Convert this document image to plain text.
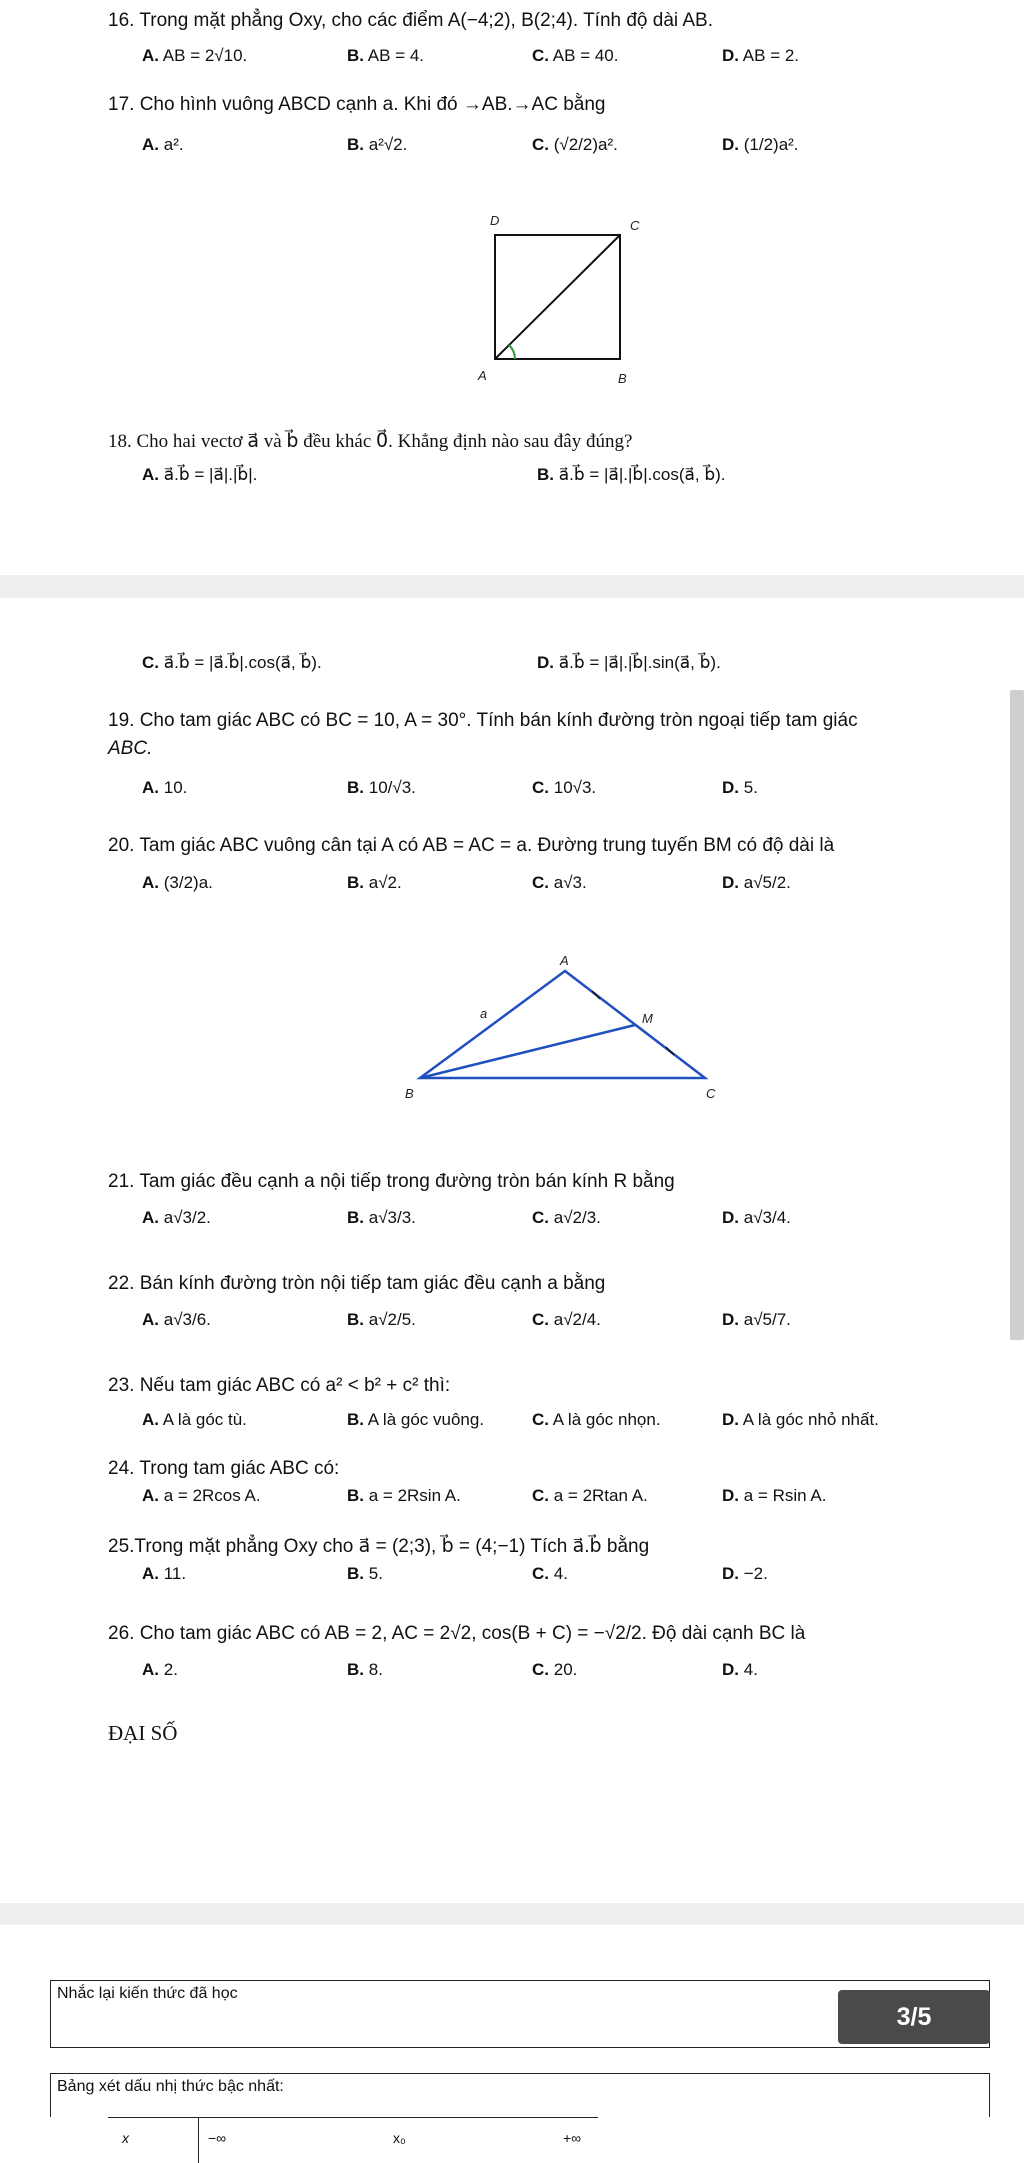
16. Trong mặt phẳng Oxy, cho các điểm A(−4;2), B(2;4). Tính độ dài AB.
A. AB = 2√10.	B. AB = 4.	C. AB = 40.	D. AB = 2.
17. Cho hình vuông ABCD cạnh a. Khi đó →AB.→AC bằng
A. a².	B. a²√2.	C. (√2/2)a².	D. (1/2)a².
D	C
A	B
18. Cho hai vectơ a⃗ và b⃗ đều khác 0⃗. Khẳng định nào sau đây đúng?
A. a⃗.b⃗ = |a⃗|.|b⃗|.	B. a⃗.b⃗ = |a⃗|.|b⃗|.cos(a⃗, b⃗).
C. a⃗.b⃗ = |a⃗.b⃗|.cos(a⃗, b⃗).	D. a⃗.b⃗ = |a⃗|.|b⃗|.sin(a⃗, b⃗).
19. Cho tam giác ABC có BC = 10, A = 30°. Tính bán kính đường tròn ngoại tiếp tam giác
ABC.
A. 10.	B. 10/√3.	C. 10√3.	D. 5.
20. Tam giác ABC vuông cân tại A có AB = AC = a. Đường trung tuyến BM có độ dài là
A. (3/2)a.	B. a√2.	C. a√3.	D. a√5/2.
A
a	M
B	C
21. Tam giác đều cạnh a nội tiếp trong đường tròn bán kính R bằng
A. a√3/2.	B. a√3/3.	C. a√2/3.	D. a√3/4.
22. Bán kính đường tròn nội tiếp tam giác đều cạnh a bằng
A. a√3/6.	B. a√2/5.	C. a√2/4.	D. a√5/7.
23. Nếu tam giác ABC có a² < b² + c² thì:
A. A là góc tù.	B. A là góc vuông.	C. A là góc nhọn.	D. A là góc nhỏ nhất.
24. Trong tam giác ABC có:
A. a = 2Rcos A.	B. a = 2Rsin A.	C. a = 2Rtan A.	D. a = Rsin A.
25.Trong mặt phẳng Oxy cho a⃗ = (2;3), b⃗ = (4;−1) Tích a⃗.b⃗ bằng
A. 11.	B. 5.	C. 4.	D. −2.
26. Cho tam giác ABC có AB = 2, AC = 2√2, cos(B + C) = −√2/2. Độ dài cạnh BC là
A. 2.	B. 8.	C. 20.	D. 4.
ĐẠI SỐ
Nhắc lại kiến thức đã học
Bảng xét dấu nhị thức bậc nhất:
3/5
x	−∞	x₀	+∞
